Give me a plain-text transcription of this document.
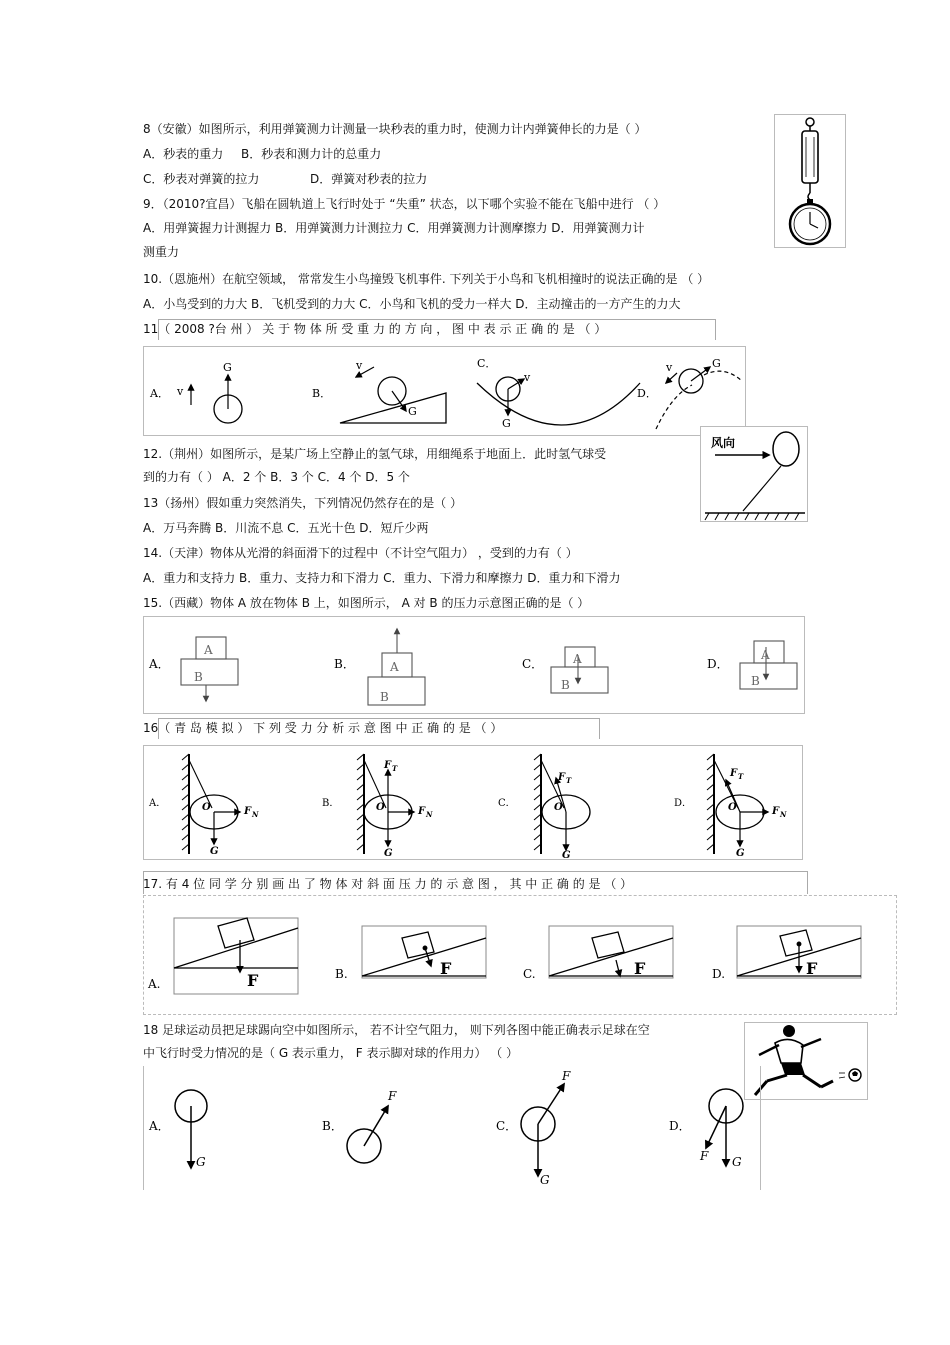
8（安徽）如图所示，利用弹簧测力计测量一块秒表的重力时，使测力计内弹簧伸长的力是（ ）
A．秒表的重力 B．秒表和测力计的总重力
C．秒表对弹簧的拉力	D．弹簧对秒表的拉力
9．（2010?宜昌）飞船在圆轨道上飞行时处于 “失重” 状态，以下哪个实验不能在飞船中进行 （ ）
A．用弹簧握力计测握力 B．用弹簧测力计测拉力 C．用弹簧测力计测摩擦力 D．用弹簧测力计
测重力
10.（恩施州）在航空领域， 常常发生小鸟撞毁飞机事件. 下列关于小鸟和飞机相撞时的说法正确的是 （ ）
A．小鸟受到的力大 B．飞机受到的力大 C．小鸟和飞机的受力一样大 D．主动撞击的一方产生的力大
11（ 2008 ?台 州 ） 关 于 物 体 所 受 重 力 的 方 向 ， 图 中 表 示 正 确 的 是 （ ）
A． v
G
B．
v
G
C．
v
G
D．
v	G
12.（荆州）如图所示，是某广场上空静止的氢气球，用细绳系于地面上．此时氢气球受
到的力有（ ） A．2 个 B．3 个 C．4 个 D．5 个
风向
13（扬州）假如重力突然消失，下列情况仍然存在的是（ ）
A．万马奔腾 B．川流不息 C．五光十色 D．短斤少两
14.（天津）物体从光滑的斜面滑下的过程中（不计空气阻力） ，受到的力有（ ）
A．重力和支持力 B．重力、支持力和下滑力 C．重力、下滑力和摩擦力 D．重力和下滑力
15.（西藏）物体 A 放在物体 B 上，如图所示， A 对 B 的压力示意图正确的是（ ）
A．
A
B
B．	A
B
C． A
B
D．
A
B
16（ 青 岛 模 拟 ） 下 列 受 力 分 析 示 意 图 中 正 确 的 是 （ ）
A．	O	F N
G
B．	O
F T
F N
G
C．	O
F T
G
D．	O
F T
F N
G
17. 有 4 位 同 学 分 别 画 出 了 物 体 对 斜 面 压 力 的 示 意 图 ， 其 中 正 确 的 是 （ ）
F
F	F	F
A.
B.	C.	D.
18 足球运动员把足球踢向空中如图所示， 若不计空气阻力， 则下列各图中能正确表示足球在空
中飞行时受力情况的是（ G 表示重力， F 表示脚对球的作用力） （ ）
G
F
F
G
G
F
A．	B．	C．	D．
